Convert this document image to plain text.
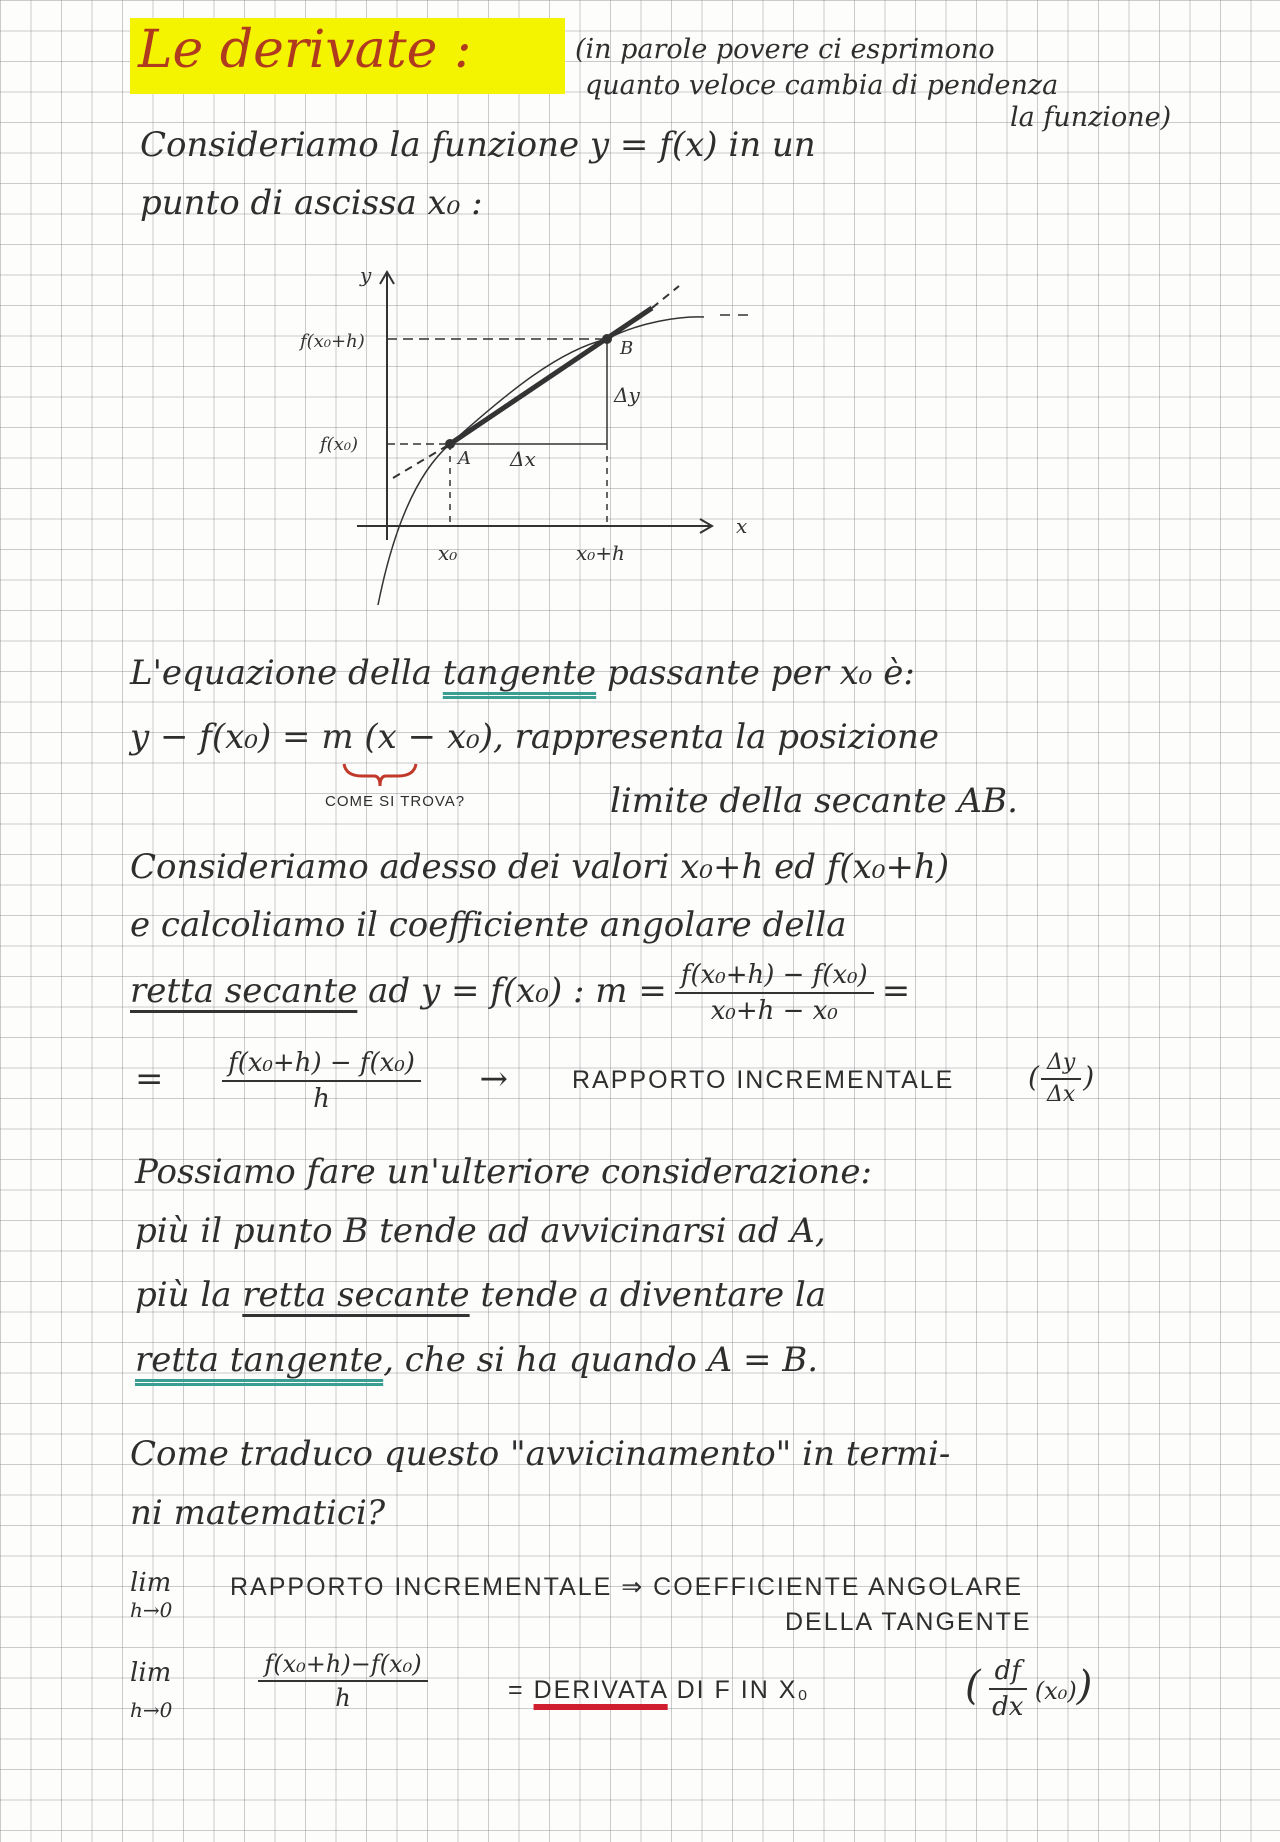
Le derivate :	(in parole povere ci esprimono
quanto veloce cambia di pendenza
la funzione)
Consideriamo la funzione y = f(x) in un
punto di ascissa x₀ :
y
x
f(x₀+h)
f(x₀)
A
B
Δx
Δy
x₀	x₀+h
L'equazione della tangente passante per x₀ è:
y − f(x₀) = m (x − x₀), rappresenta la posizione
COME SI TROVA?	limite della secante AB.
Consideriamo adesso dei valori x₀+h ed f(x₀+h)
e calcoliamo il coefficiente angolare della
retta secante ad y = f(x₀) : $m = \frac{\text{f(x₀+h) − f(x₀)}}{\text{x₀+h − x₀}}$ =
= $\frac{\text{f(x₀+h) − f(x₀)}}{h}$ →	RAPPORTO INCREMENTALE	( $\frac{\Delta y}{\Delta x}$ )
Possiamo fare un'ulteriore considerazione:
più il punto B tende ad avvicinarsi ad A,
più la retta secante tende a diventare la
retta tangente, che si ha quando A = B.
Come traduco questo "avvicinamento" in termi-
ni matematici?
lim
h→0
RAPPORTO INCREMENTALE ⇒ COEFFICIENTE ANGOLARE
DELLA TANGENTE
lim
$h\to 0 \frac{\text{f(x₀+h)−f(x₀)}}{h}$ = DERIVATA DI F IN X₀	( $\frac{df}{dx} (x_0)$)
